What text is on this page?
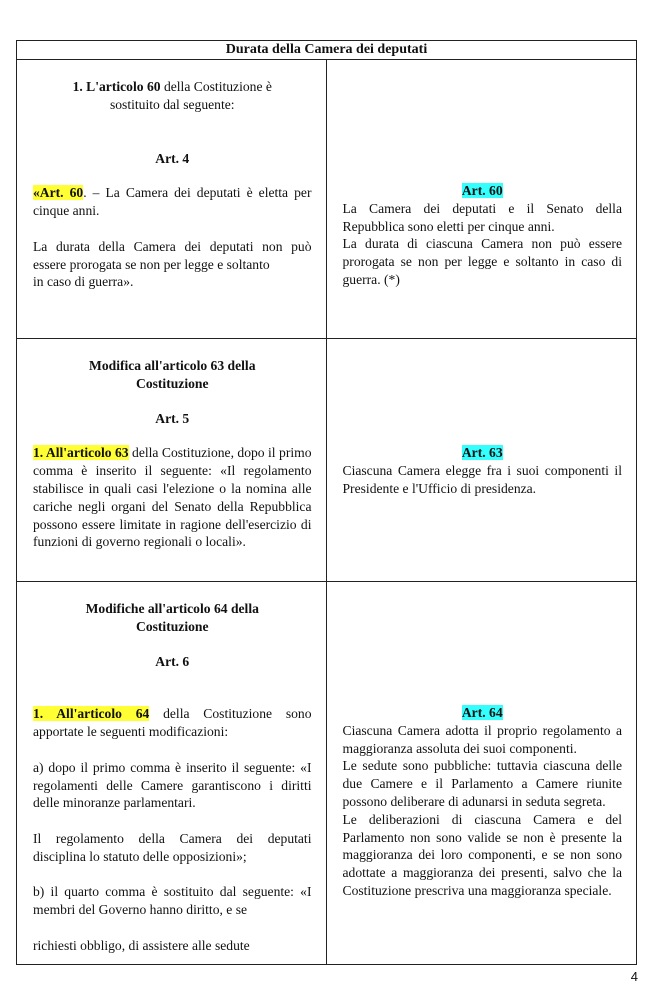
Durata della Camera dei deputati

1. L'articolo 60 della Costituzione è sostituito dal seguente:

Art. 4

«Art. 60. – La Camera dei deputati è eletta per cinque anni.

La durata della Camera dei deputati non può essere prorogata se non per legge e soltanto

in caso di guerra».

Art. 60

La Camera dei deputati e il Senato della Repubblica sono eletti per cinque anni.

La durata di ciascuna Camera non può essere prorogata se non per legge e soltanto in caso di guerra. (*)

Modifica all'articolo 63 della Costituzione

Art. 5

1. All'articolo 63 della Costituzione, dopo il primo comma è inserito il seguente: «Il regolamento stabilisce in quali casi l'elezione o la nomina alle cariche negli organi del Senato della Repubblica possono essere limitate in ragione dell'esercizio di funzioni di governo regionali o locali».

Art. 63

Ciascuna Camera elegge fra i suoi componenti il Presidente e l'Ufficio di presidenza.

Modifiche all'articolo 64 della Costituzione

Art. 6

1. All'articolo 64 della Costituzione sono apportate le seguenti modificazioni:

a) dopo il primo comma è inserito il seguente: «I regolamenti delle Camere garantiscono i diritti delle minoranze parlamentari.

Il regolamento della Camera dei deputati disciplina lo statuto delle opposizioni»;

b) il quarto comma è sostituito dal seguente: «I membri del Governo hanno diritto, e se

richiesti obbligo, di assistere alle sedute

Art. 64

Ciascuna Camera adotta il proprio regolamento a maggioranza assoluta dei suoi componenti.

Le sedute sono pubbliche: tuttavia ciascuna delle due Camere e il Parlamento a Camere riunite possono deliberare di adunarsi in seduta segreta.

Le deliberazioni di ciascuna Camera e del Parlamento non sono valide se non è presente la maggioranza dei loro componenti, e se non sono adottate a maggioranza dei presenti, salvo che la Costituzione prescriva una maggioranza speciale.

4
